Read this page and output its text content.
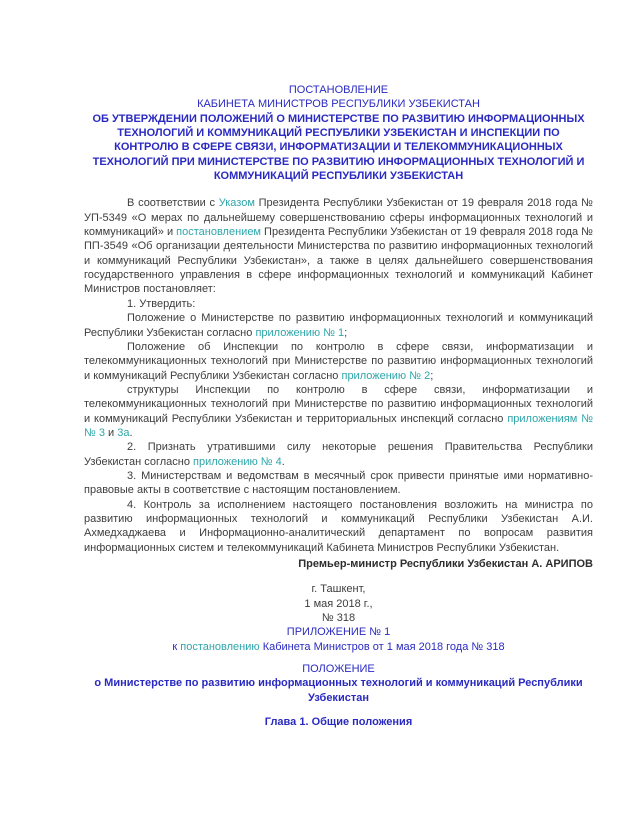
ПОСТАНОВЛЕНИЕ
КАБИНЕТА МИНИСТРОВ РЕСПУБЛИКИ УЗБЕКИСТАН
ОБ УТВЕРЖДЕНИИ ПОЛОЖЕНИЙ О МИНИСТЕРСТВЕ ПО РАЗВИТИЮ ИНФОРМАЦИОННЫХ ТЕХНОЛОГИЙ И КОММУНИКАЦИЙ РЕСПУБЛИКИ УЗБЕКИСТАН И ИНСПЕКЦИИ ПО КОНТРОЛЮ В СФЕРЕ СВЯЗИ, ИНФОРМАТИЗАЦИИ И ТЕЛЕКОММУНИКАЦИОННЫХ ТЕХНОЛОГИЙ ПРИ МИНИСТЕРСТВЕ ПО РАЗВИТИЮ ИНФОРМАЦИОННЫХ ТЕХНОЛОГИЙ И КОММУНИКАЦИЙ РЕСПУБЛИКИ УЗБЕКИСТАН

В соответствии с Указом Президента Республики Узбекистан от 19 февраля 2018 года № УП-5349 «О мерах по дальнейшему совершенствованию сферы информационных технологий и коммуникаций» и постановлением Президента Республики Узбекистан от 19 февраля 2018 года № ПП-3549 «Об организации деятельности Министерства по развитию информационных технологий и коммуникаций Республики Узбекистан», а также в целях дальнейшего совершенствования государственного управления в сфере информационных технологий и коммуникаций Кабинет Министров постановляет:

1. Утвердить:

Положение о Министерстве по развитию информационных технологий и коммуникаций Республики Узбекистан согласно приложению № 1;

Положение об Инспекции по контролю в сфере связи, информатизации и телекоммуникационных технологий при Министерстве по развитию информационных технологий и коммуникаций Республики Узбекистан согласно приложению № 2;

структуры Инспекции по контролю в сфере связи, информатизации и телекоммуникационных технологий при Министерстве по развитию информационных технологий и коммуникаций Республики Узбекистан и территориальных инспекций согласно приложениям №№ 3 и 3а.

2. Признать утратившими силу некоторые решения Правительства Республики Узбекистан согласно приложению № 4.

3. Министерствам и ведомствам в месячный срок привести принятые ими нормативно-правовые акты в соответствие с настоящим постановлением.

4. Контроль за исполнением настоящего постановления возложить на министра по развитию информационных технологий и коммуникаций Республики Узбекистан А.И. Ахмедхаджаева и Информационно-аналитический департамент по вопросам развития информационных систем и телекоммуникаций Кабинета Министров Республики Узбекистан.

Премьер-министр Республики Узбекистан А. АРИПОВ
г. Ташкент,
1 мая 2018 г.,
№ 318
ПРИЛОЖЕНИЕ № 1
к постановлению Кабинета Министров от 1 мая 2018 года № 318
ПОЛОЖЕНИЕ
о Министерстве по развитию информационных технологий и коммуникаций Республики Узбекистан
Глава 1. Общие положения
